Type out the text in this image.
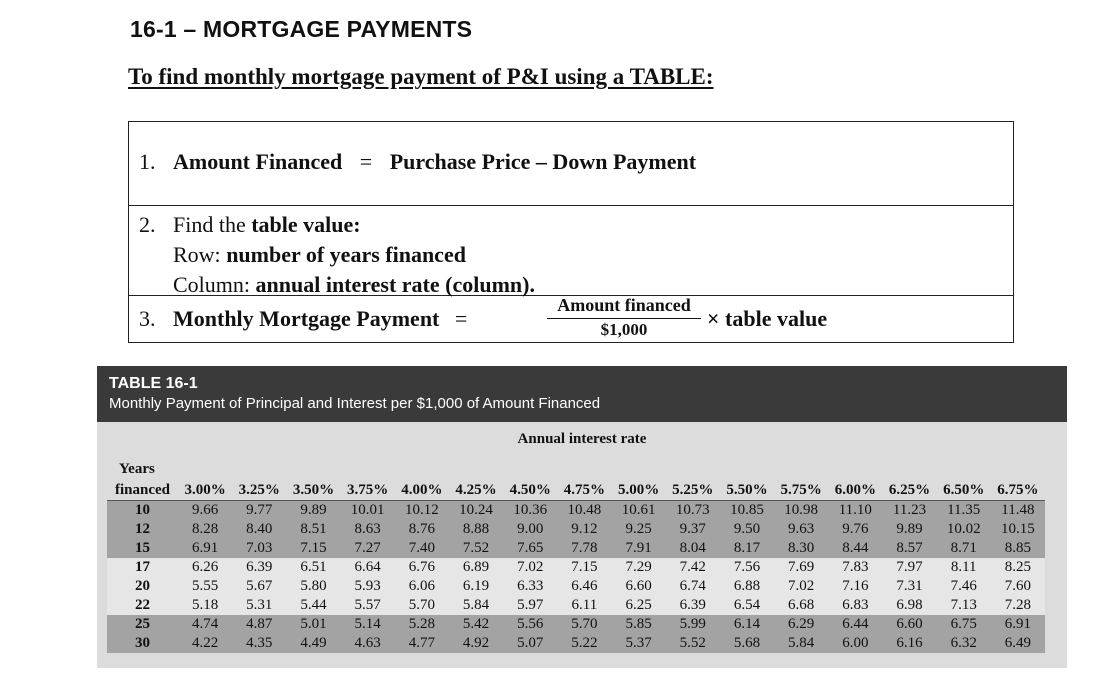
16-1 – MORTGAGE PAYMENTS
To find monthly mortgage payment of P&I using a TABLE:
1. Amount Financed = Purchase Price – Down Payment
2. Find the table value:
Row: number of years financed
Column: annual interest rate (column).
3. Monthly Mortgage Payment =
Amount financed
$1,000	× table value
TABLE 16-1
Monthly Payment of Principal and Interest per $1,000 of Amount Financed
Annual interest rate
Years
financed	3.00%	3.25%	3.50%	3.75%	4.00%	4.25%	4.50%	4.75%	5.00%	5.25%	5.50%	5.75%	6.00%	6.25%	6.50%	6.75%
10	9.66	9.77	9.89	10.01	10.12	10.24	10.36	10.48	10.61	10.73	10.85	10.98	11.10	11.23	11.35	11.48
12	8.28	8.40	8.51	8.63	8.76	8.88	9.00	9.12	9.25	9.37	9.50	9.63	9.76	9.89	10.02	10.15
15	6.91	7.03	7.15	7.27	7.40	7.52	7.65	7.78	7.91	8.04	8.17	8.30	8.44	8.57	8.71	8.85
17	6.26	6.39	6.51	6.64	6.76	6.89	7.02	7.15	7.29	7.42	7.56	7.69	7.83	7.97	8.11	8.25
20	5.55	5.67	5.80	5.93	6.06	6.19	6.33	6.46	6.60	6.74	6.88	7.02	7.16	7.31	7.46	7.60
22	5.18	5.31	5.44	5.57	5.70	5.84	5.97	6.11	6.25	6.39	6.54	6.68	6.83	6.98	7.13	7.28
25	4.74	4.87	5.01	5.14	5.28	5.42	5.56	5.70	5.85	5.99	6.14	6.29	6.44	6.60	6.75	6.91
30	4.22	4.35	4.49	4.63	4.77	4.92	5.07	5.22	5.37	5.52	5.68	5.84	6.00	6.16	6.32	6.49
